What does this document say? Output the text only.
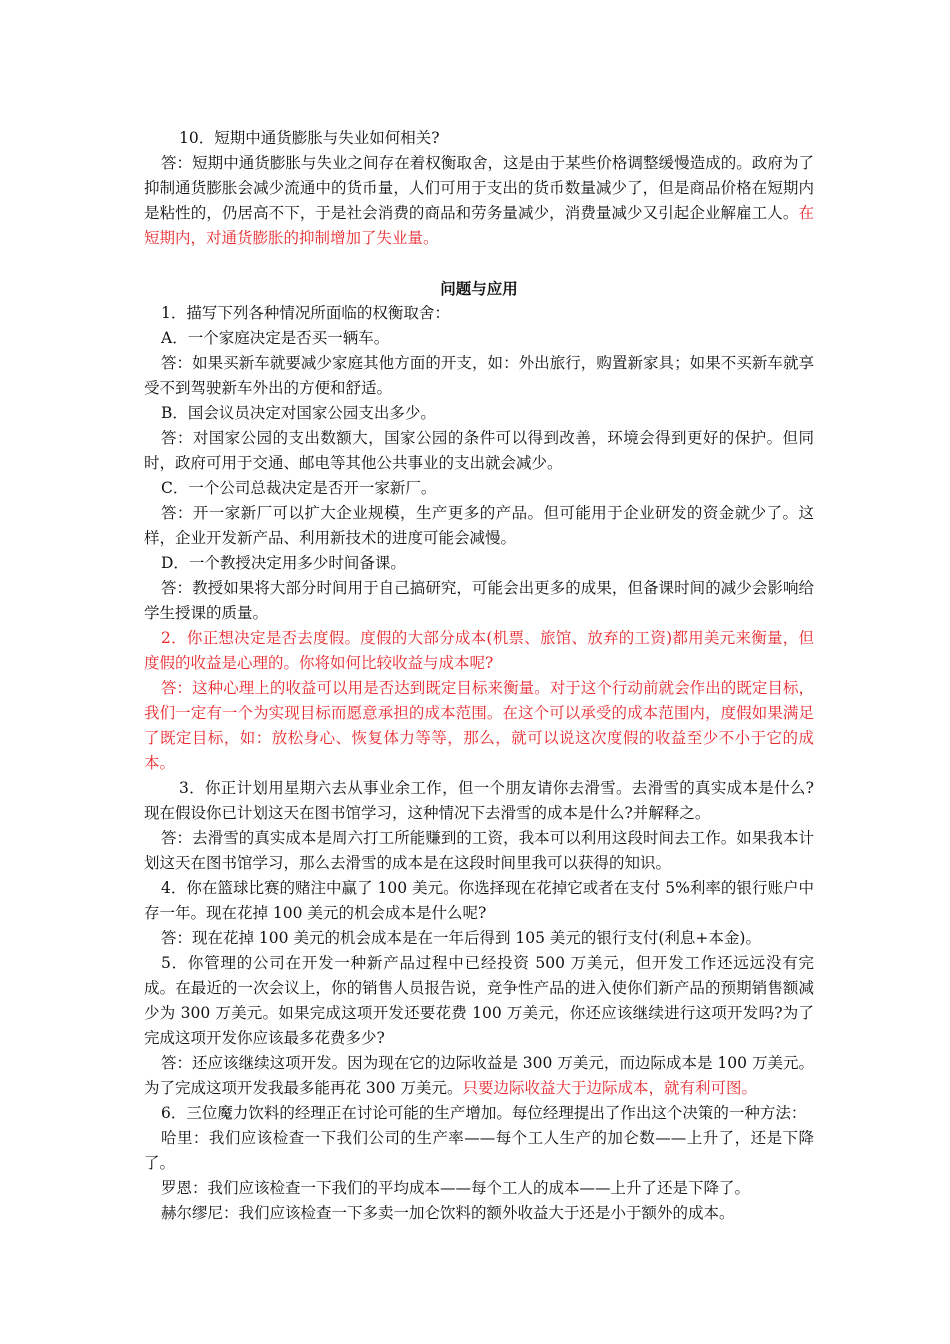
10．短期中通货膨胀与失业如何相关?

答：短期中通货膨胀与失业之间存在着权衡取舍，这是由于某些价格调整缓慢造成的。政府为了抑制通货膨胀会减少流通中的货币量，人们可用于支出的货币数量减少了，但是商品价格在短期内是粘性的，仍居高不下，于是社会消费的商品和劳务量减少，消费量减少又引起企业解雇工人。在短期内，对通货膨胀的抑制增加了失业量。

问题与应用

1．描写下列各种情况所面临的权衡取舍：

A．一个家庭决定是否买一辆车。

答：如果买新车就要减少家庭其他方面的开支，如：外出旅行，购置新家具；如果不买新车就享受不到驾驶新车外出的方便和舒适。

B．国会议员决定对国家公园支出多少。

答：对国家公园的支出数额大，国家公园的条件可以得到改善，环境会得到更好的保护。但同时，政府可用于交通、邮电等其他公共事业的支出就会减少。

C．一个公司总裁决定是否开一家新厂。

答：开一家新厂可以扩大企业规模，生产更多的产品。但可能用于企业研发的资金就少了。这样，企业开发新产品、利用新技术的进度可能会减慢。

D．一个教授决定用多少时间备课。

答：教授如果将大部分时间用于自己搞研究，可能会出更多的成果，但备课时间的减少会影响给学生授课的质量。

2．你正想决定是否去度假。度假的大部分成本(机票、旅馆、放弃的工资)都用美元来衡量，但度假的收益是心理的。你将如何比较收益与成本呢?

答：这种心理上的收益可以用是否达到既定目标来衡量。对于这个行动前就会作出的既定目标，我们一定有一个为实现目标而愿意承担的成本范围。在这个可以承受的成本范围内，度假如果满足了既定目标，如：放松身心、恢复体力等等，那么，就可以说这次度假的收益至少不小于它的成本。

3．你正计划用星期六去从事业余工作，但一个朋友请你去滑雪。去滑雪的真实成本是什么?现在假设你已计划这天在图书馆学习，这种情况下去滑雪的成本是什么?并解释之。

答：去滑雪的真实成本是周六打工所能赚到的工资，我本可以利用这段时间去工作。如果我本计划这天在图书馆学习，那么去滑雪的成本是在这段时间里我可以获得的知识。

4．你在篮球比赛的赌注中赢了 100 美元。你选择现在花掉它或者在支付 5%利率的银行账户中存一年。现在花掉 100 美元的机会成本是什么呢?

答：现在花掉 100 美元的机会成本是在一年后得到 105 美元的银行支付(利息+本金)。

5．你管理的公司在开发一种新产品过程中已经投资 500 万美元，但开发工作还远远没有完成。在最近的一次会议上，你的销售人员报告说，竞争性产品的进入使你们新产品的预期销售额减少为 300 万美元。如果完成这项开发还要花费 100 万美元，你还应该继续进行这项开发吗?为了完成这项开发你应该最多花费多少?

答：还应该继续这项开发。因为现在它的边际收益是 300 万美元，而边际成本是 100 万美元。为了完成这项开发我最多能再花 300 万美元。只要边际收益大于边际成本，就有利可图。

6．三位魔力饮料的经理正在讨论可能的生产增加。每位经理提出了作出这个决策的一种方法：

哈里：我们应该检查一下我们公司的生产率——每个工人生产的加仑数——上升了，还是下降了。

罗恩：我们应该检查一下我们的平均成本——每个工人的成本——上升了还是下降了。

赫尔缪尼：我们应该检查一下多卖一加仑饮料的额外收益大于还是小于额外的成本。
